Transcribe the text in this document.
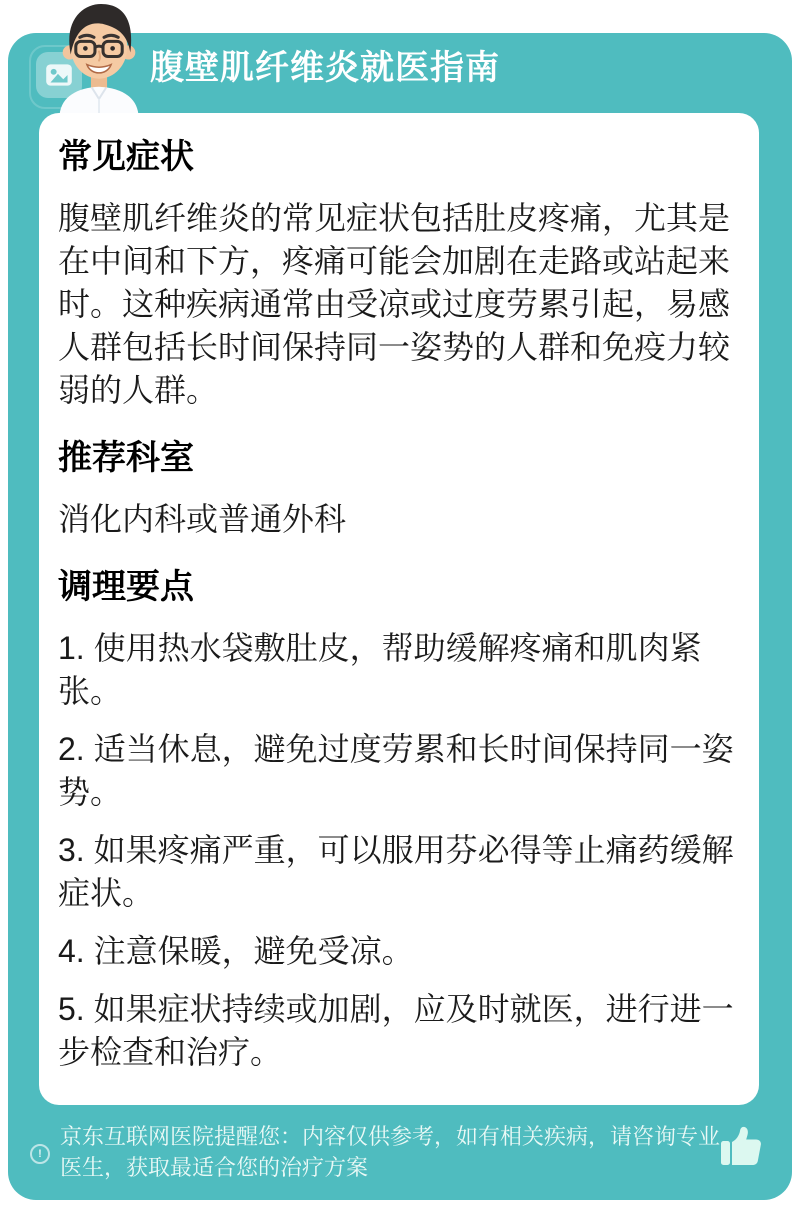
腹壁肌纤维炎就医指南
常见症状

腹壁肌纤维炎的常见症状包括肚皮疼痛，尤其是在中间和下方，疼痛可能会加剧在走路或站起来时。这种疾病通常由受凉或过度劳累引起，易感人群包括长时间保持同一姿势的人群和免疫力较弱的人群。

推荐科室

消化内科或普通外科

调理要点
1. 使用热水袋敷肚皮，帮助缓解疼痛和肌肉紧张。
2. 适当休息，避免过度劳累和长时间保持同一姿势。
3. 如果疼痛严重，可以服用芬必得等止痛药缓解症状。
4. 注意保暖，避免受凉。
5. 如果症状持续或加剧，应及时就医，进行进一步检查和治疗。
!
京东互联网医院提醒您：内容仅供参考，如有相关疾病，请咨询专业医生，获取最适合您的治疗方案
